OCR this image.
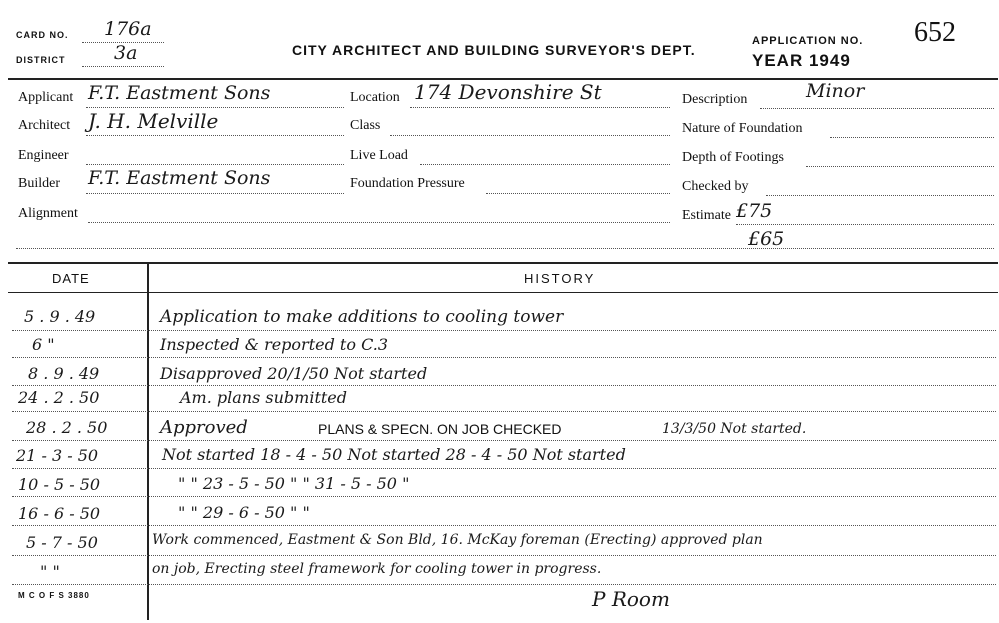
CARD NO. 176a
DISTRICT	3a	CITY ARCHITECT AND BUILDING SURVEYOR'S DEPT.
APPLICATION NO. 652
YEAR 1949
Applicant F.T. Eastment Sons
Architect J. H. Melville
Engineer
Builder F.T. Eastment Sons
Alignment
Location 174 Devonshire St
Class
Live Load
Foundation Pressure
Description	Minor
Nature of Foundation
Depth of Footings
Checked by
Estimate £75
£65
DATE	HISTORY
5 . 9 . 49	Application to make additions to cooling tower
6 "	Inspected & reported to C.3
8 . 9 . 49	Disapproved 20/1/50 Not started
24 . 2 . 50	Am. plans submitted
28 . 2 . 50	Approved	PLANS & SPECN. ON JOB CHECKED	13/3/50 Not started.
21 - 3 - 50	Not started 18 - 4 - 50 Not started 28 - 4 - 50 Not started
10 - 5 - 50	" " 23 - 5 - 50 " " 31 - 5 - 50 "
16 - 6 - 50	" " 29 - 6 - 50 " "
5 - 7 - 50	Work commenced, Eastment & Son Bld, 16. McKay foreman (Erecting) approved plan
" "	on job, Erecting steel framework for cooling tower in progress.
P Room
M C O F S 3880
